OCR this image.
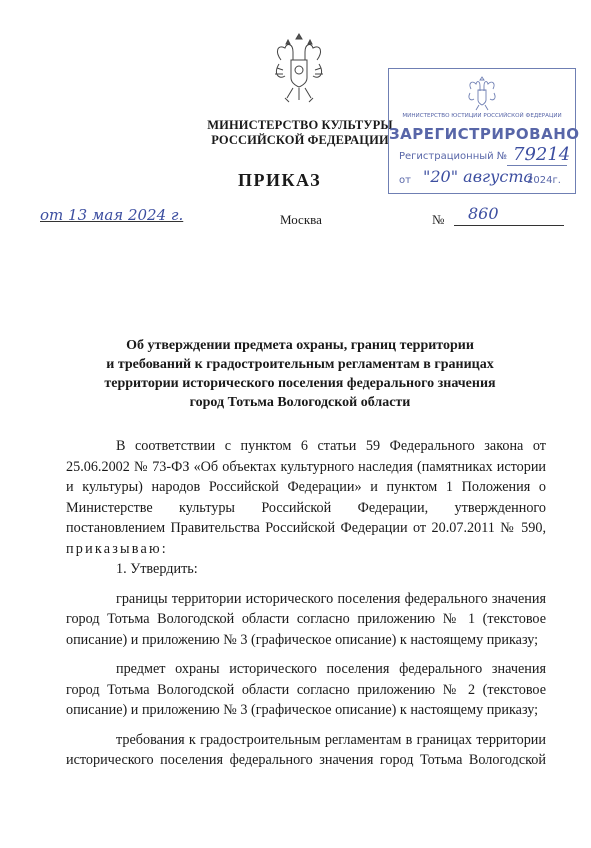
МИНИСТЕРСТВО КУЛЬТУРЫ
РОССИЙСКОЙ ФЕДЕРАЦИИ
МИНИСТЕРСТВО ЮСТИЦИИ РОССИЙСКОЙ ФЕДЕРАЦИИ
ЗАРЕГИСТРИРОВАНО
Регистрационный № 79214
от "20" августа
2024г.
ПРИКАЗ
от 13 мая 2024 г.	Москва	№	860
Об утверждении предмета охраны, границ территории
и требований к градостроительным регламентам в границах
территории исторического поселения федерального значения
город Тотьма Вологодской области

В соответствии с пунктом 6 статьи 59 Федерального закона от 25.06.2002 № 73-ФЗ «Об объектах культурного наследия (памятниках истории и культуры) народов Российской Федерации» и пунктом 1 Положения о Министерстве культуры Российской Федерации, утвержденного постановлением Правительства Российской Федерации от 20.07.2011 № 590, приказываю:

1. Утвердить:

границы территории исторического поселения федерального значения город Тотьма Вологодской области согласно приложению № 1 (текстовое описание) и приложению № 3 (графическое описание) к настоящему приказу;

предмет охраны исторического поселения федерального значения город Тотьма Вологодской области согласно приложению № 2 (текстовое описание) и приложению № 3 (графическое описание) к настоящему приказу;

требования к градостроительным регламентам в границах территории исторического поселения федерального значения город Тотьма Вологодской
